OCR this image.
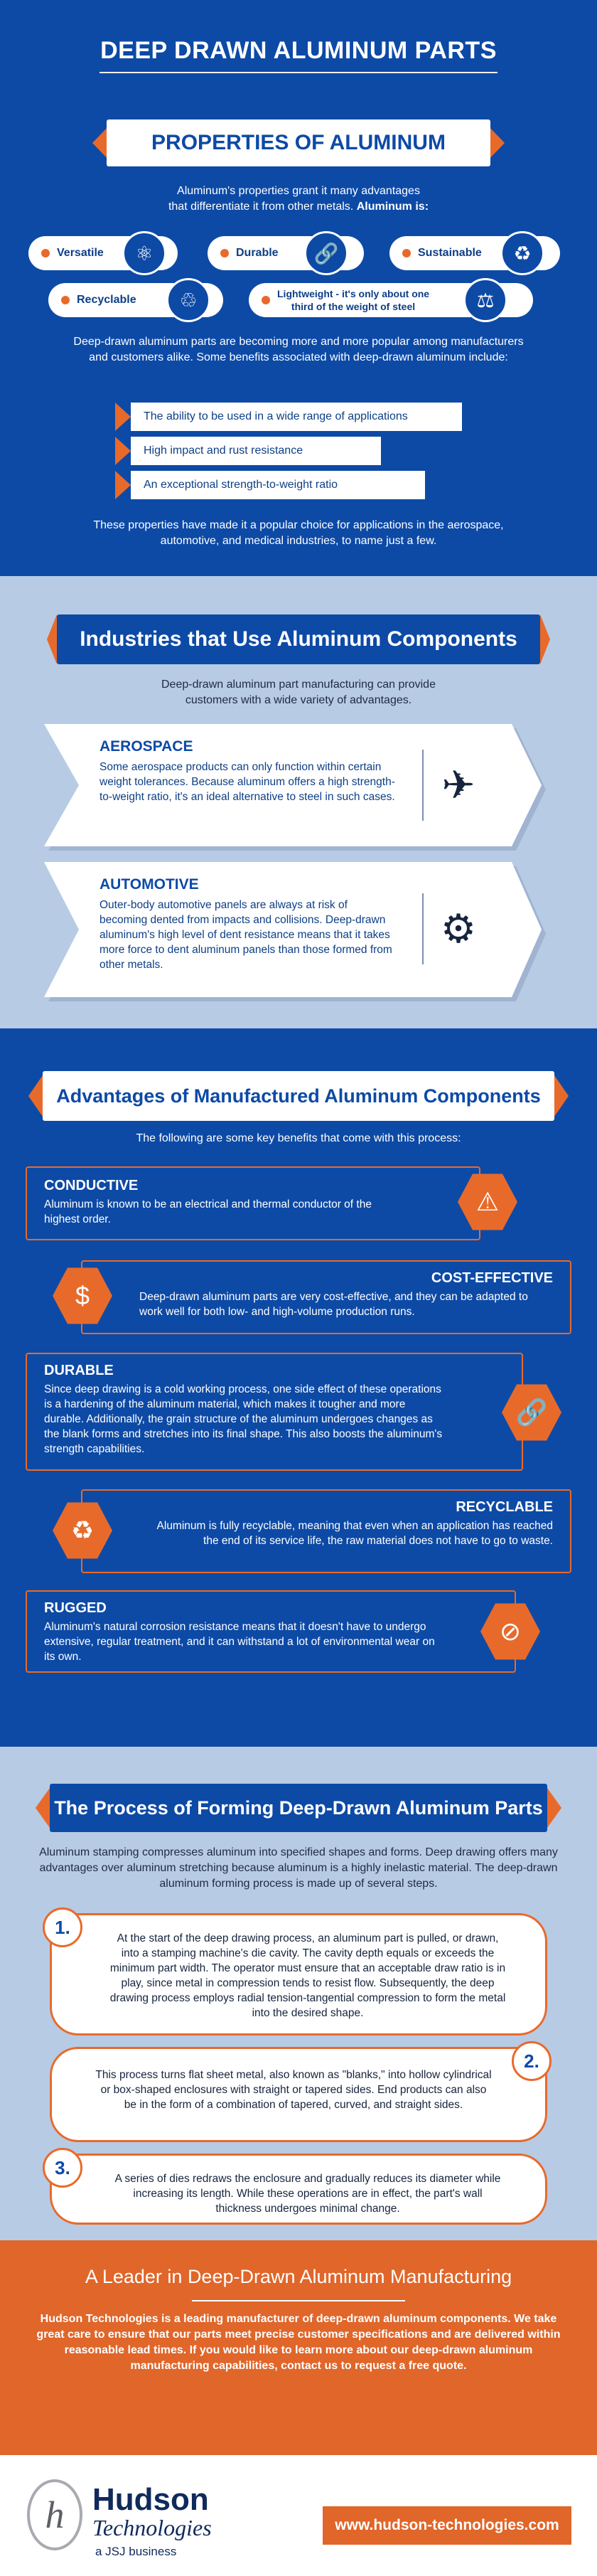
DEEP DRAWN ALUMINUM PARTS
PROPERTIES OF ALUMINUM
Aluminum's properties grant it many advantages
that differentiate it from other metals. Aluminum is:
Versatile	⚛	Durable	🔗	Sustainable	♻
Recyclable	♲	Lightweight - it's only about one
third of the weight of steel	⚖
Deep-drawn aluminum parts are becoming more and more popular among manufacturers and customers alike. Some benefits associated with deep-drawn aluminum include:
The ability to be used in a wide range of applications
High impact and rust resistance
An exceptional strength-to-weight ratio
These properties have made it a popular choice for applications in the aerospace, automotive, and medical industries, to name just a few.
Industries that Use Aluminum Components
Deep-drawn aluminum part manufacturing can provide customers with a wide variety of advantages.
AEROSPACE
Some aerospace products can only function within certain weight tolerances. Because aluminum offers a high strength-to-weight ratio, it's an ideal alternative to steel in such cases.	✈
AUTOMOTIVE
Outer-body automotive panels are always at risk of becoming dented from impacts and collisions. Deep-drawn aluminum's high level of dent resistance means that it takes more force to dent aluminum panels than those formed from other metals.
⚙
Advantages of Manufactured Aluminum Components
The following are some key benefits that come with this process:
CONDUCTIVE
Aluminum is known to be an electrical and thermal conductor of the highest order.
⚠
COST-EFFECTIVE
Deep-drawn aluminum parts are very cost-effective, and they can be adapted to work well for both low- and high-volume production runs.
$
DURABLE
Since deep drawing is a cold working process, one side effect of these operations is a hardening of the aluminum material, which makes it tougher and more durable. Additionally, the grain structure of the aluminum undergoes changes as the blank forms and stretches into its final shape. This also boosts the aluminum's strength capabilities.
🔗
RECYCLABLE
Aluminum is fully recyclable, meaning that even when an application has reached the end of its service life, the raw material does not have to go to waste.
♻
RUGGED
Aluminum's natural corrosion resistance means that it doesn't have to undergo extensive, regular treatment, and it can withstand a lot of environmental wear on its own.
⊘
The Process of Forming Deep-Drawn Aluminum Parts
Aluminum stamping compresses aluminum into specified shapes and forms. Deep drawing offers many advantages over aluminum stretching because aluminum is a highly inelastic material. The deep-drawn aluminum forming process is made up of several steps.
At the start of the deep drawing process, an aluminum part is pulled, or drawn, into a stamping machine's die cavity. The cavity depth equals or exceeds the minimum part width. The operator must ensure that an acceptable draw ratio is in play, since metal in compression tends to resist flow. Subsequently, the deep drawing process employs radial tension-tangential compression to form the metal into the desired shape.
1.
This process turns flat sheet metal, also known as "blanks," into hollow cylindrical or box-shaped enclosures with straight or tapered sides. End products can also be in the form of a combination of tapered, curved, and straight sides.
2.
A series of dies redraws the enclosure and gradually reduces its diameter while increasing its length. While these operations are in effect, the part's wall thickness undergoes minimal change.
3.
A Leader in Deep-Drawn Aluminum Manufacturing
Hudson Technologies is a leading manufacturer of deep-drawn aluminum components. We take great care to ensure that our parts meet precise customer specifications and are delivered within reasonable lead times. If you would like to learn more about our deep-drawn aluminum manufacturing capabilities, contact us to request a free quote.
h Hudson
Technologies
a JSJ business
www.hudson-technologies.com
